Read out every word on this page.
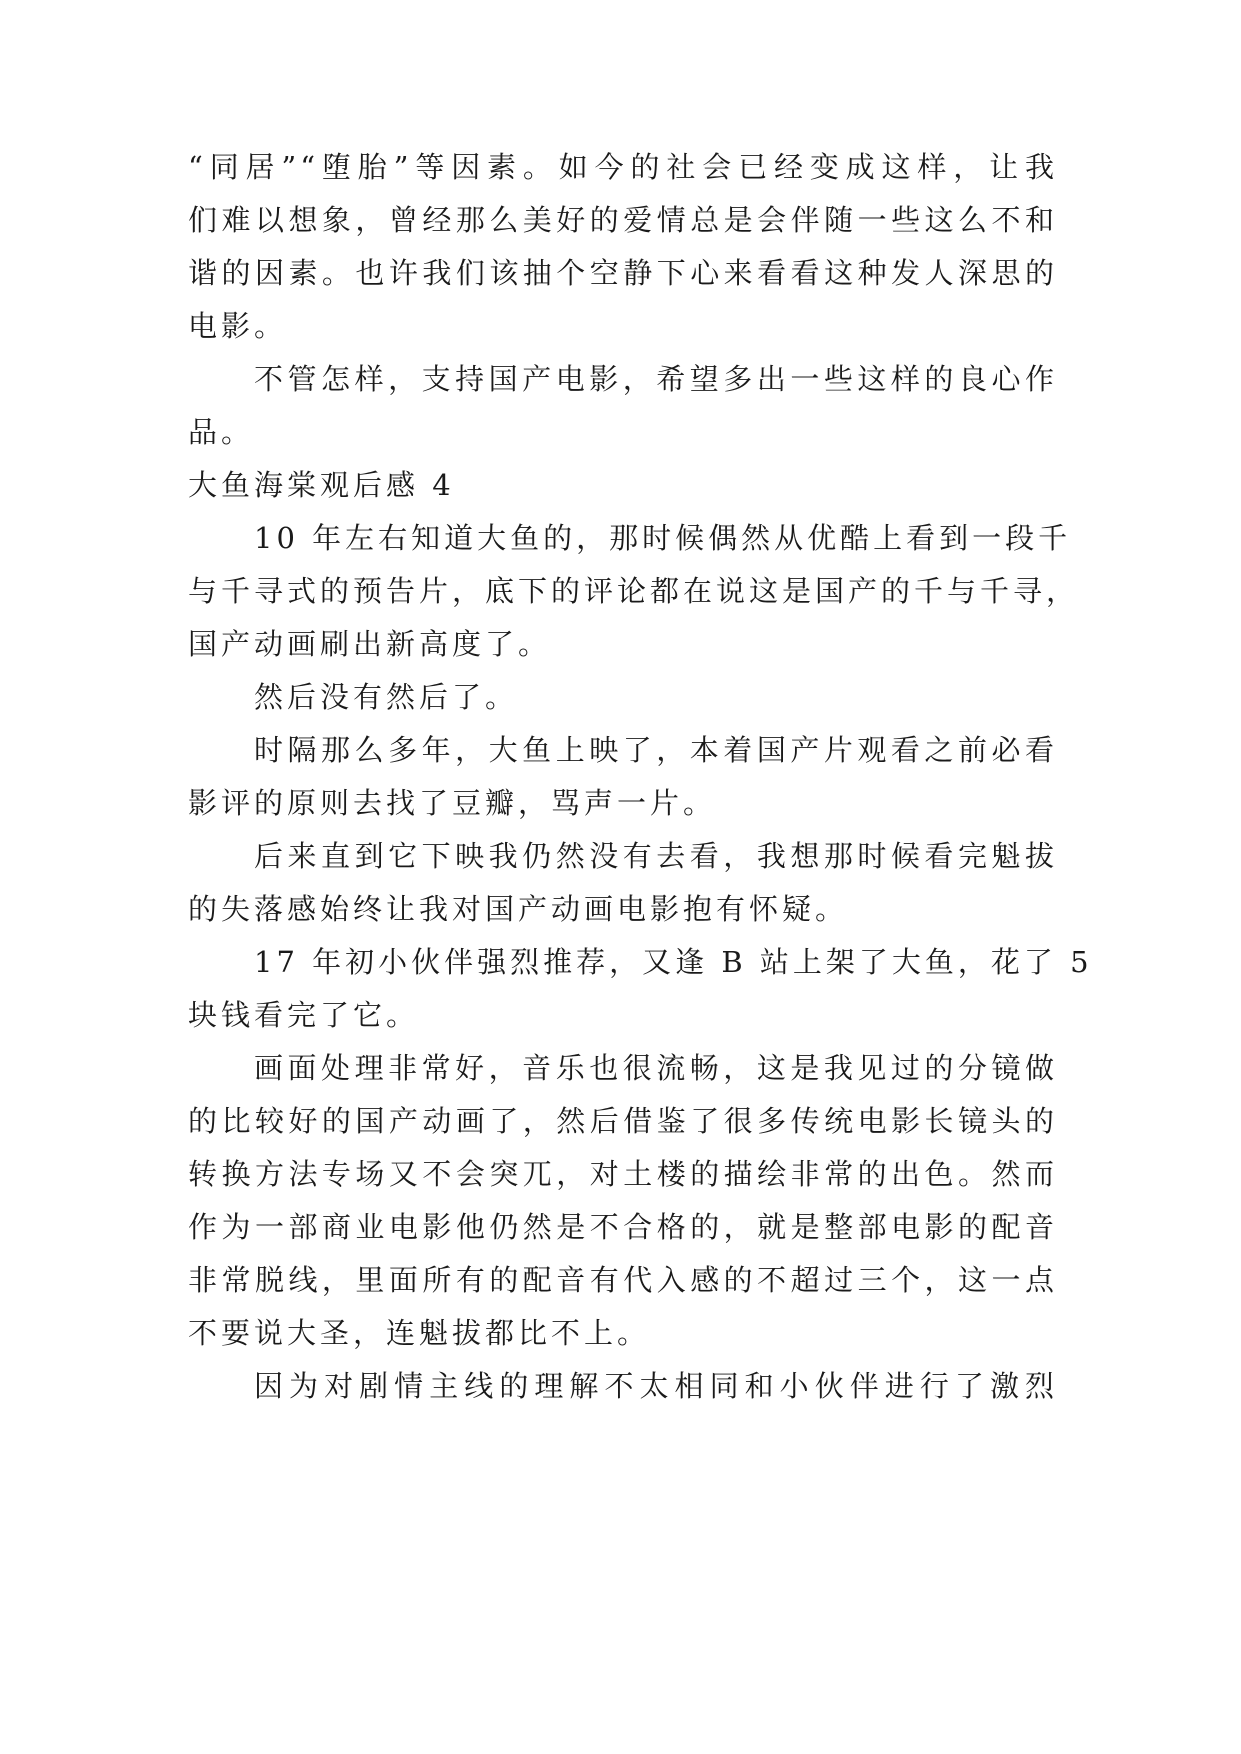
“同居”“堕胎”等因素。如今的社会已经变成这样，让我
们难以想象，曾经那么美好的爱情总是会伴随一些这么不和
谐的因素。也许我们该抽个空静下心来看看这种发人深思的
电影。
不管怎样，支持国产电影，希望多出一些这样的良心作
品。
大鱼海棠观后感 4
10 年左右知道大鱼的，那时候偶然从优酷上看到一段千
与千寻式的预告片，底下的评论都在说这是国产的千与千寻，
国产动画刷出新高度了。
然后没有然后了。
时隔那么多年，大鱼上映了，本着国产片观看之前必看
影评的原则去找了豆瓣，骂声一片。
后来直到它下映我仍然没有去看，我想那时候看完魁拔
的失落感始终让我对国产动画电影抱有怀疑。
17 年初小伙伴强烈推荐，又逢 B 站上架了大鱼，花了 5
块钱看完了它。
画面处理非常好，音乐也很流畅，这是我见过的分镜做
的比较好的国产动画了，然后借鉴了很多传统电影长镜头的
转换方法专场又不会突兀，对土楼的描绘非常的出色。然而
作为一部商业电影他仍然是不合格的，就是整部电影的配音
非常脱线，里面所有的配音有代入感的不超过三个，这一点
不要说大圣，连魁拔都比不上。
因为对剧情主线的理解不太相同和小伙伴进行了激烈
